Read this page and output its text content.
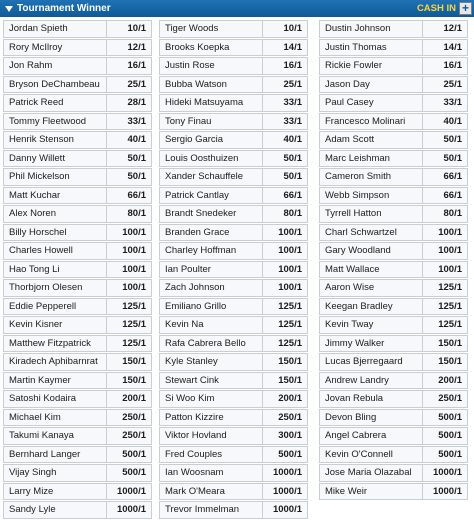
Tournament Winner	CASH IN +
Jordan Spieth	10/1
Rory McIlroy	12/1
Jon Rahm	16/1
Bryson DeChambeau	25/1
Patrick Reed	28/1
Tommy Fleetwood	33/1
Henrik Stenson	40/1
Danny Willett	50/1
Phil Mickelson	50/1
Matt Kuchar	66/1
Alex Noren	80/1
Billy Horschel	100/1
Charles Howell	100/1
Hao Tong Li	100/1
Thorbjorn Olesen	100/1
Eddie Pepperell	125/1
Kevin Kisner	125/1
Matthew Fitzpatrick	125/1
Kiradech Aphibarnrat	150/1
Martin Kaymer	150/1
Satoshi Kodaira	200/1
Michael Kim	250/1
Takumi Kanaya	250/1
Bernhard Langer	500/1
Vijay Singh	500/1
Larry Mize	1000/1
Sandy Lyle	1000/1
Tiger Woods	10/1
Brooks Koepka	14/1
Justin Rose	16/1
Bubba Watson	25/1
Hideki Matsuyama	33/1
Tony Finau	33/1
Sergio Garcia	40/1
Louis Oosthuizen	50/1
Xander Schauffele	50/1
Patrick Cantlay	66/1
Brandt Snedeker	80/1
Branden Grace	100/1
Charley Hoffman	100/1
Ian Poulter	100/1
Zach Johnson	100/1
Emiliano Grillo	125/1
Kevin Na	125/1
Rafa Cabrera Bello	125/1
Kyle Stanley	150/1
Stewart Cink	150/1
Si Woo Kim	200/1
Patton Kizzire	250/1
Viktor Hovland	300/1
Fred Couples	500/1
Ian Woosnam	1000/1
Mark O'Meara	1000/1
Trevor Immelman	1000/1
Dustin Johnson	12/1
Justin Thomas	14/1
Rickie Fowler	16/1
Jason Day	25/1
Paul Casey	33/1
Francesco Molinari	40/1
Adam Scott	50/1
Marc Leishman	50/1
Cameron Smith	66/1
Webb Simpson	66/1
Tyrrell Hatton	80/1
Charl Schwartzel	100/1
Gary Woodland	100/1
Matt Wallace	100/1
Aaron Wise	125/1
Keegan Bradley	125/1
Kevin Tway	125/1
Jimmy Walker	150/1
Lucas Bjerregaard	150/1
Andrew Landry	200/1
Jovan Rebula	250/1
Devon Bling	500/1
Angel Cabrera	500/1
Kevin O'Connell	500/1
Jose Maria Olazabal	1000/1
Mike Weir	1000/1
